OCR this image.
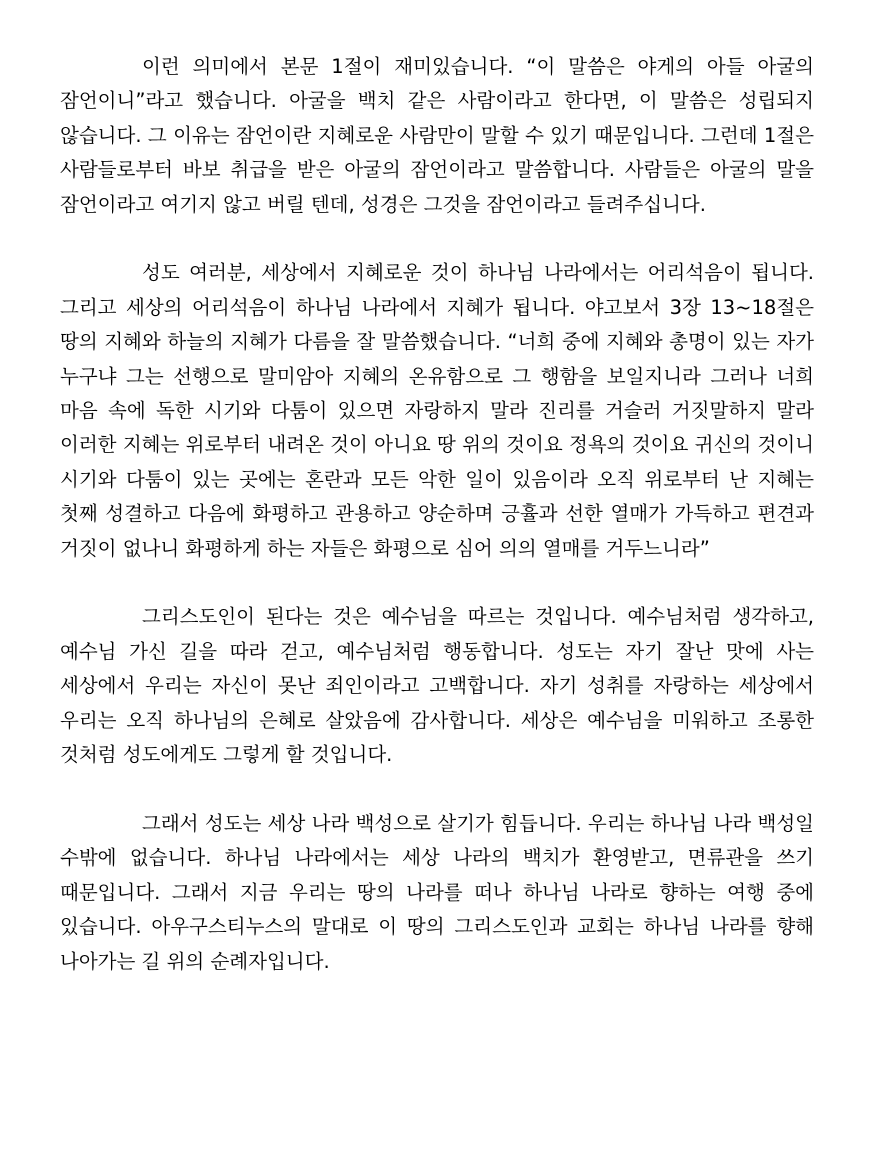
이런 의미에서 본문 1절이 재미있습니다. “이 말씀은 야게의 아들 아굴의 잠언이니”라고 했습니다. 아굴을 백치 같은 사람이라고 한다면, 이 말씀은 성립되지 않습니다. 그 이유는 잠언이란 지혜로운 사람만이 말할 수 있기 때문입니다. 그런데 1절은 사람들로부터 바보 취급을 받은 아굴의 잠언이라고 말씀합니다. 사람들은 아굴의 말을 잠언이라고 여기지 않고 버릴 텐데, 성경은 그것을 잠언이라고 들려주십니다.

성도 여러분, 세상에서 지혜로운 것이 하나님 나라에서는 어리석음이 됩니다. 그리고 세상의 어리석음이 하나님 나라에서 지혜가 됩니다. 야고보서 3장 13~18절은 땅의 지혜와 하늘의 지혜가 다름을 잘 말씀했습니다. “너희 중에 지혜와 총명이 있는 자가 누구냐 그는 선행으로 말미암아 지혜의 온유함으로 그 행함을 보일지니라 그러나 너희 마음 속에 독한 시기와 다툼이 있으면 자랑하지 말라 진리를 거슬러 거짓말하지 말라 이러한 지혜는 위로부터 내려온 것이 아니요 땅 위의 것이요 정욕의 것이요 귀신의 것이니 시기와 다툼이 있는 곳에는 혼란과 모든 악한 일이 있음이라 오직 위로부터 난 지혜는 첫째 성결하고 다음에 화평하고 관용하고 양순하며 긍휼과 선한 열매가 가득하고 편견과 거짓이 없나니 화평하게 하는 자들은 화평으로 심어 의의 열매를 거두느니라”

그리스도인이 된다는 것은 예수님을 따르는 것입니다. 예수님처럼 생각하고, 예수님 가신 길을 따라 걷고, 예수님처럼 행동합니다. 성도는 자기 잘난 맛에 사는 세상에서 우리는 자신이 못난 죄인이라고 고백합니다. 자기 성취를 자랑하는 세상에서 우리는 오직 하나님의 은혜로 살았음에 감사합니다. 세상은 예수님을 미워하고 조롱한 것처럼 성도에게도 그렇게 할 것입니다.

그래서 성도는 세상 나라 백성으로 살기가 힘듭니다. 우리는 하나님 나라 백성일 수밖에 없습니다. 하나님 나라에서는 세상 나라의 백치가 환영받고, 면류관을 쓰기 때문입니다. 그래서 지금 우리는 땅의 나라를 떠나 하나님 나라로 향하는 여행 중에 있습니다. 아우구스티누스의 말대로 이 땅의 그리스도인과 교회는 하나님 나라를 향해 나아가는 길 위의 순례자입니다.
